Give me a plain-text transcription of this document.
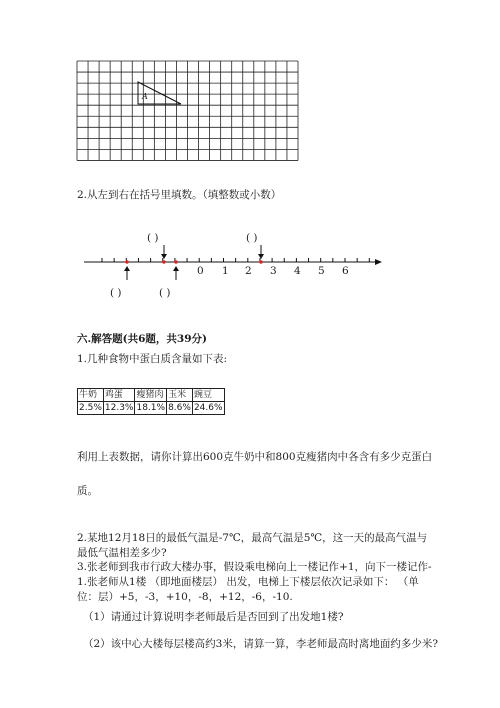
A
0 1 2 3 4 5 6
( )	( )
( )	( )
2.从左到右在括号里填数。（填整数或小数）
六.解答题(共6题，共39分)
1.几种食物中蛋白质含量如下表:
牛奶	鸡蛋	瘦猪肉	玉米	豌豆
2.5%	12.3%	18.1%	8.6%	24.6%
利用上表数据，请你计算出600克牛奶中和800克瘦猪肉中各含有多少克蛋白
质。
2.某地12月18日的最低气温是-7℃，最高气温是5℃，这一天的最高气温与
最低气温相差多少?
3.张老师到我市行政大楼办事，假设乘电梯向上一楼记作+1，向下一楼记作-
1.张老师从1楼 （即地面楼层） 出发，电梯上下楼层依次记录如下： （单
位：层）+5，-3，+10，-8，+12，-6，-10.
（1）请通过计算说明李老师最后是否回到了出发地1楼?
（2）该中心大楼每层楼高约3米，请算一算，李老师最高时离地面约多少米?
